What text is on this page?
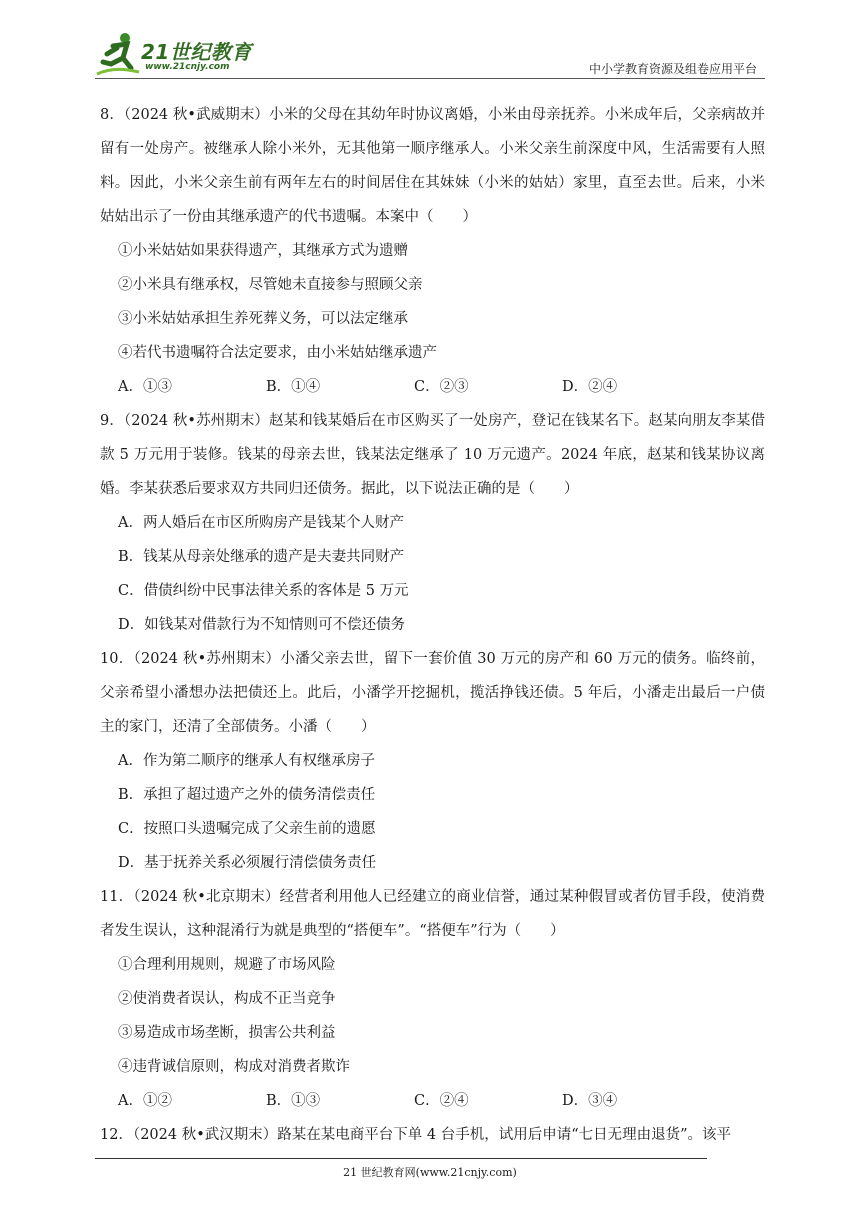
21世纪教育
www.21cnjy.com	中小学教育资源及组卷应用平台
8．（2024 秋•武威期末）小米的父母在其幼年时协议离婚，小米由母亲抚养。小米成年后，父亲病故并留有一处房产。被继承人除小米外，无其他第一顺序继承人。小米父亲生前深度中风，生活需要有人照料。因此，小米父亲生前有两年左右的时间居住在其妹妹（小米的姑姑）家里，直至去世。后来，小米姑姑出示了一份由其继承遗产的代书遗嘱。本案中（　　）
①小米姑姑如果获得遗产，其继承方式为遗赠
②小米具有继承权，尽管她未直接参与照顾父亲
③小米姑姑承担生养死葬义务，可以法定继承
④若代书遗嘱符合法定要求，由小米姑姑继承遗产
A．①③	B．①④	C．②③	D．②④
9．（2024 秋•苏州期末）赵某和钱某婚后在市区购买了一处房产，登记在钱某名下。赵某向朋友李某借款 5 万元用于装修。钱某的母亲去世，钱某法定继承了 10 万元遗产。2024 年底，赵某和钱某协议离婚。李某获悉后要求双方共同归还债务。据此，以下说法正确的是（　　）
A．两人婚后在市区所购房产是钱某个人财产
B．钱某从母亲处继承的遗产是夫妻共同财产
C．借债纠纷中民事法律关系的客体是 5 万元
D．如钱某对借款行为不知情则可不偿还债务
10．（2024 秋•苏州期末）小潘父亲去世，留下一套价值 30 万元的房产和 60 万元的债务。临终前，父亲希望小潘想办法把债还上。此后，小潘学开挖掘机，揽活挣钱还债。5 年后，小潘走出最后一户债主的家门，还清了全部债务。小潘（　　）
A．作为第二顺序的继承人有权继承房子
B．承担了超过遗产之外的债务清偿责任
C．按照口头遗嘱完成了父亲生前的遗愿
D．基于抚养关系必须履行清偿债务责任
11．（2024 秋•北京期末）经营者利用他人已经建立的商业信誉，通过某种假冒或者仿冒手段，使消费者发生误认，这种混淆行为就是典型的“搭便车”。“搭便车”行为（　　）
①合理利用规则，规避了市场风险
②使消费者误认，构成不正当竞争
③易造成市场垄断，损害公共利益
④违背诚信原则，构成对消费者欺诈
A．①②	B．①③	C．②④	D．③④
12．（2024 秋•武汉期末）路某在某电商平台下单 4 台手机，试用后申请“七日无理由退货”。该平
21 世纪教育网(www.21cnjy.com)
